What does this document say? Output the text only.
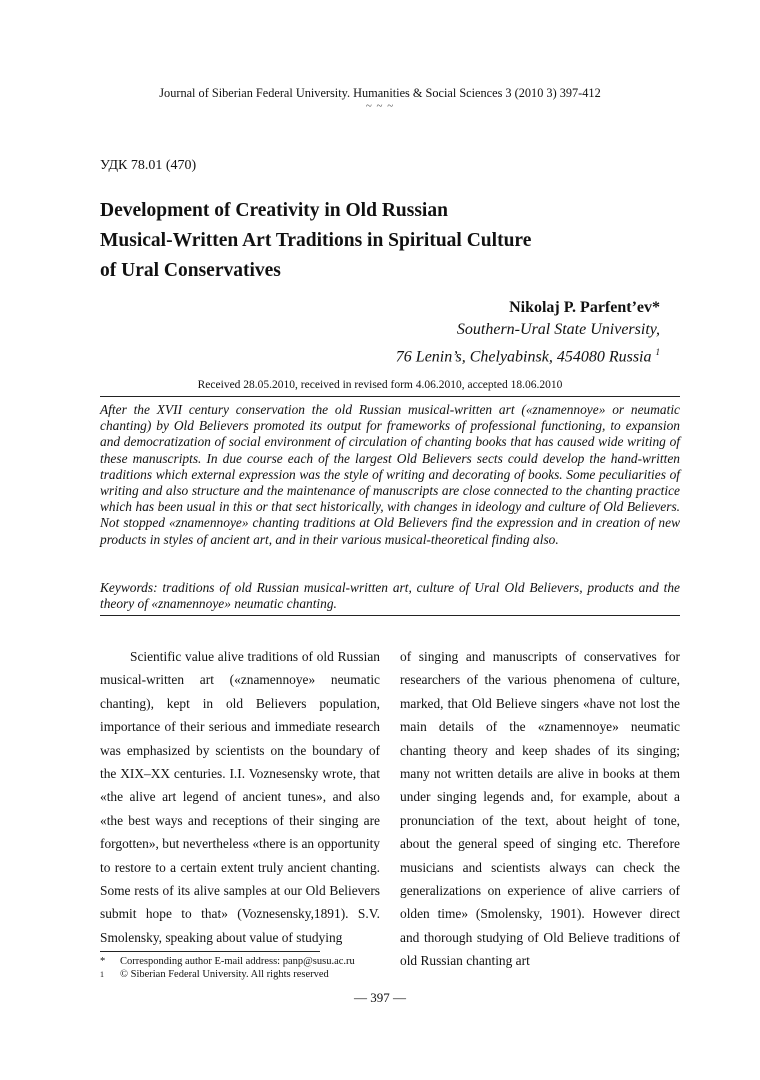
Journal of Siberian Federal University. Humanities & Social Sciences 3 (2010 3) 397-412
~ ~ ~
УДК 78.01 (470)
Development of Creativity in Old Russian
Musical-Written Art Traditions in Spiritual Culture
of Ural Conservatives
Nikolaj P. Parfent’ev*
Southern-Ural State University,
76 Lenin’s, Chelyabinsk, 454080 Russia $^1$
Received 28.05.2010, received in revised form 4.06.2010, accepted 18.06.2010
After the XVII century conservation the old Russian musical-written art («znamennoye» or neumatic chanting) by Old Believers promoted its output for frameworks of professional functioning, to expansion and democratization of social environment of circulation of chanting books that has caused wide writing of these manuscripts. In due course each of the largest Old Believers sects could develop the hand-written traditions which external expression was the style of writing and decorating of books. Some peculiarities of writing and also structure and the maintenance of manuscripts are close connected to the chanting practice which has been usual in this or that sect historically, with changes in ideology and culture of Old Believers. Not stopped «znamennoye» chanting traditions at Old Believers find the expression and in creation of new products in styles of ancient art, and in their various musical-theoretical finding also.
Keywords: traditions of old Russian musical-written art, culture of Ural Old Believers, products and the theory of «znamennoye» neumatic chanting.
Scientific value alive traditions of old Russian musical-written art («znamennoye» neumatic chanting), kept in old Believers population, importance of their serious and immediate research was emphasized by scientists on the boundary of the XIX–XX centuries. I.I. Voznesensky wrote, that «the alive art legend of ancient tunes», and also «the best ways and receptions of their singing are forgotten», but nevertheless «there is an opportunity to restore to a certain extent truly ancient chanting. Some rests of its alive samples at our Old Believers submit hope to that» (Voznesensky,1891). S.V. Smolensky, speaking about value of studying
of singing and manuscripts of conservatives for researchers of the various phenomena of culture, marked, that Old Believe singers «have not lost the main details of the «znamennoye» neumatic chanting theory and keep shades of its singing; many not written details are alive in books at them under singing legends and, for example, about a pronunciation of the text, about height of tone, about the general speed of singing etc. Therefore musicians and scientists always can check the generalizations on experience of alive carriers of olden time» (Smolensky, 1901). However direct and thorough studying of Old Believe traditions of old Russian chanting art
* Corresponding author E-mail address: panp@susu.ac.ru
1 © Siberian Federal University. All rights reserved
— 397 —
